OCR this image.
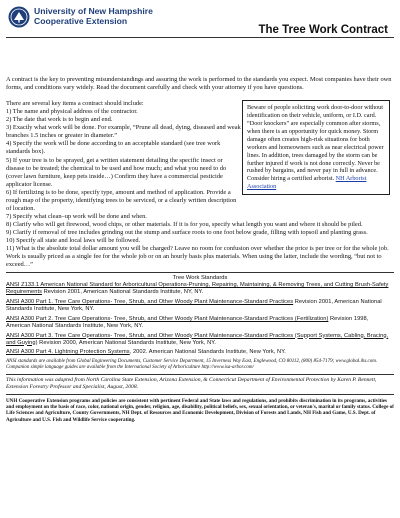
University of New Hampshire
Cooperative Extension
The Tree Work Contract

A contract is the key to preventing misunderstandings and assuring the work is performed to the standards you expect. Most companies have their own forms, and conditions vary widely. Read the document carefully and check with your attorney if you have questions.

Beware of people soliciting work door-to-door without identification on their vehicle, uniform, or I.D. card. “Door knockers” are especially common after storms, when there is an opportunity for quick money. Storm damage often creates high-risk situations for both workers and homeowners such as near electrical power lines. In addition, trees damaged by the storm can be further injured if work is not done correctly. Never be rushed by bargains, and never pay in full in advance. Consider hiring a certified arborist. NH Arborist Association

There are several key items a contract should include:

1) The name and physical address of the contractor.

2) The date that work is to begin and end.

3) Exactly what work will be done. For example, “Prune all dead, dying, diseased and weak branches 1.5 inches or greater in diameter.”

4) Specify the work will be done according to an acceptable standard (see tree work standards box).

5) If your tree is to be sprayed, get a written statement detailing the specific insect or disease to be treated; the chemical to be used and how much; and what you need to do (cover lawn furniture, keep pets inside…) Confirm they have a commercial pesticide applicator license.

6) If fertilizing is to be done, specify type, amount and method of application. Provide a rough map of the property, identifying trees to be serviced, or a clearly written description of location.

7) Specify what clean–up work will be done and when.

8) Clarify who will get firewood, wood chips, or other materials. If it is for you, specify what length you want and where it should be piled.

9) Clarify if removal of tree includes grinding out the stump and surface roots to one foot below grade, filling with topsoil and planting grass.

10) Specify all state and local laws will be followed.

11) What is the absolute total dollar amount you will be charged? Leave no room for confusion over whether the price is per tree or for the whole job. Work is usually priced as a single fee for the whole job or on an hourly basis plus materials. When using the latter, include the wording, “but not to exceed…”

Tree Work Standards

ANSI Z133.1 American National Standard for Arboricultural Operations-Pruning, Repairing, Maintaining, & Removing Trees, and Cutting Brush-Safety Requirements Revision 2001, American National Standards Institute, NY, NY.

ANSI A300 Part 1. Tree Care Operations- Tree, Shrub, and Other Woody Plant Maintenance-Standard Practices Revision 2001, American National Standards Institute, New York, NY.

ANSI A300 Part 2. Tree Care Operations- Tree, Shrub, and Other Woody Plant Maintenance-Standard Practices (Fertilization) Revision 1998, American National Standards Institute, New York, NY.

ANSI A300 Part 3. Tree Care Operations- Tree, Shrub, and Other Woody Plant Maintenance-Standard Practices (Support Systems, Cabling, Bracing, and Guying) Revision 2000, American National Standards Institute, New York, NY.

ANSI A300 Part 4. Lightning Protection Systems, 2002. American National Standards Institute, New York, NY.

ANSI standards are available from Global Engineering Documents, Customer Service Department, 15 Inverness Way East, Englewood, CO 80112, (800) 854-7179; www.global.ihs.com. Companion simple language guides are available from the International Society of Arboriculture http://www.isa-arbor.com/

This information was adapted from North Carolina State Extension, Arizona Extension, & Connecticut Department of Environmental Protection by Karen P. Bennett, Extension Forestry Professor and Specialist, August, 2008.

UNH Cooperative Extension programs and policies are consistent with pertinent Federal and State laws and regulations, and prohibits discrimination in its programs, activities and employment on the basis of race, color, national origin, gender, religion, age, disability, political beliefs, sex, sexual orientation, or veteran's, marital or family status. College of Life Sciences and Agriculture, County Governments, NH Dept. of Resources and Economic Development, Division of Forests and Lands, NH Fish and Game, U.S. Dept. of Agriculture and U.S. Fish and Wildlife Service cooperating.
